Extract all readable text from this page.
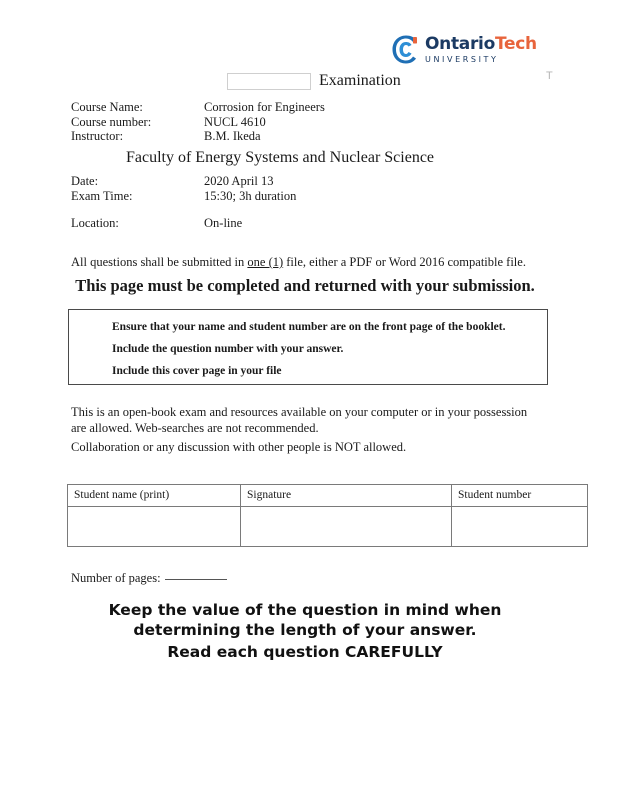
OntarioTech
UNIVERSITY
T
Examination
Course Name:	Corrosion for Engineers
Course number:	NUCL 4610
Instructor:	B.M. Ikeda
Faculty of Energy Systems and Nuclear Science
Date:	2020 April 13
Exam Time:	15:30; 3h duration
Location:	On-line
All questions shall be submitted in one (1) file, either a PDF or Word 2016 compatible file.
This page must be completed and returned with your submission.

Ensure that your name and student number are on the front page of the booklet.

Include the question number with your answer.

Include this cover page in your file

This is an open-book exam and resources available on your computer or in your possession are allowed. Web-searches are not recommended.
Collaboration or any discussion with other people is NOT allowed.
Student name (print)	Signature	Student number

Number of pages:
Keep the value of the question in mind when determining the length of your answer.
Read each question CAREFULLY
